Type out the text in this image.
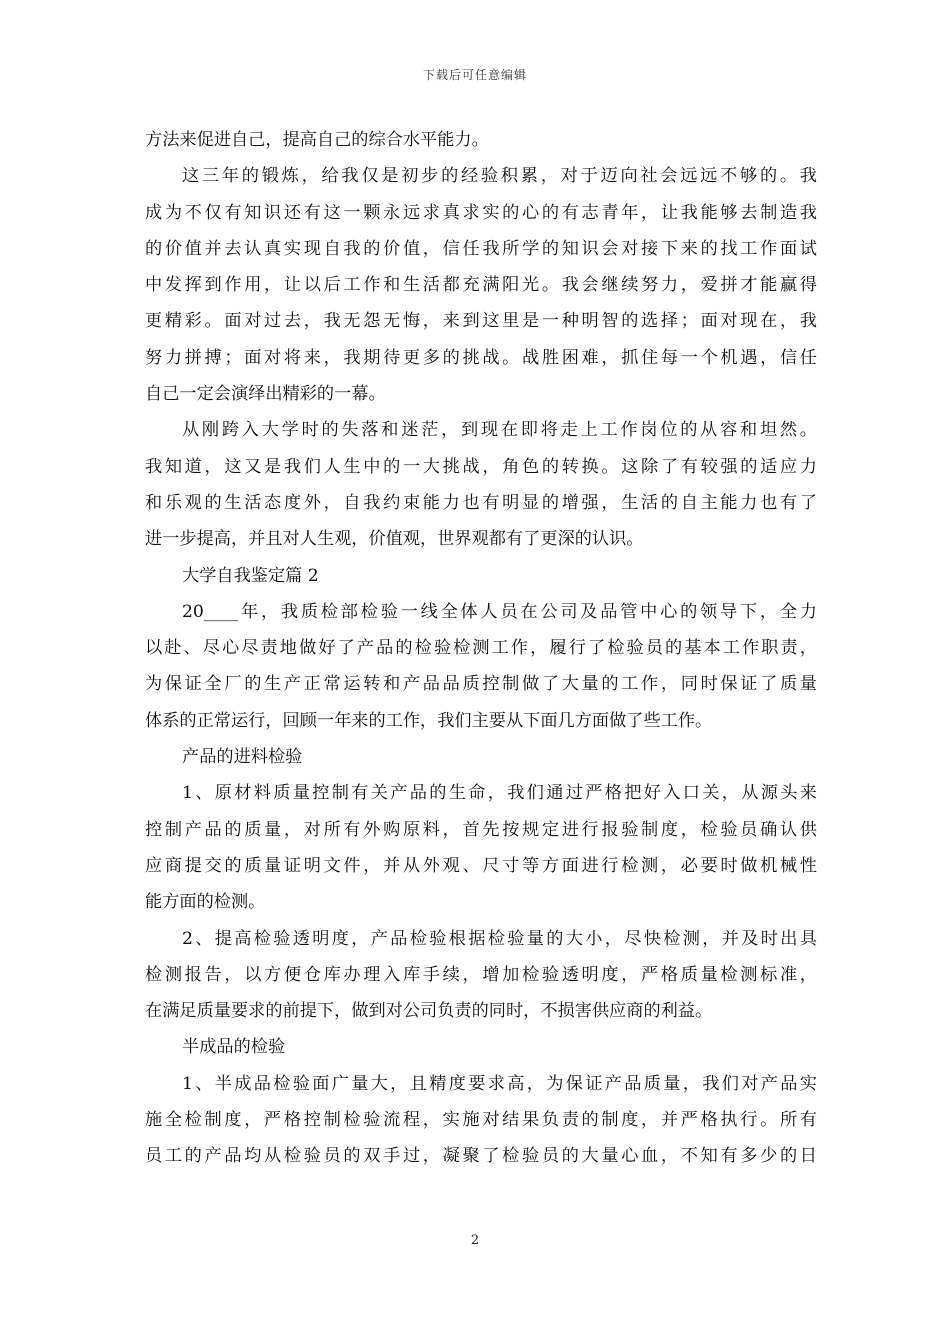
下载后可任意编辑
方法来促进自己，提高自己的综合水平能力。
这三年的锻炼，给我仅是初步的经验积累，对于迈向社会远远不够的。我
成为不仅有知识还有这一颗永远求真求实的心的有志青年，让我能够去制造我
的价值并去认真实现自我的价值，信任我所学的知识会对接下来的找工作面试
中发挥到作用，让以后工作和生活都充满阳光。我会继续努力，爱拼才能赢得
更精彩。面对过去，我无怨无悔，来到这里是一种明智的选择；面对现在，我
努力拼搏；面对将来，我期待更多的挑战。战胜困难，抓住每一个机遇，信任
自己一定会演绎出精彩的一幕。
从刚跨入大学时的失落和迷茫，到现在即将走上工作岗位的从容和坦然。
我知道，这又是我们人生中的一大挑战，角色的转换。这除了有较强的适应力
和乐观的生活态度外，自我约束能力也有明显的增强，生活的自主能力也有了
进一步提高，并且对人生观，价值观，世界观都有了更深的认识。
大学自我鉴定篇 2
20____年，我质检部检验一线全体人员在公司及品管中心的领导下，全力
以赴、尽心尽责地做好了产品的检验检测工作，履行了检验员的基本工作职责，
为保证全厂的生产正常运转和产品品质控制做了大量的工作，同时保证了质量
体系的正常运行，回顾一年来的工作，我们主要从下面几方面做了些工作。
产品的进料检验
1、原材料质量控制有关产品的生命，我们通过严格把好入口关，从源头来
控制产品的质量，对所有外购原料，首先按规定进行报验制度，检验员确认供
应商提交的质量证明文件，并从外观、尺寸等方面进行检测，必要时做机械性
能方面的检测。
2、提高检验透明度，产品检验根据检验量的大小，尽快检测，并及时出具
检测报告，以方便仓库办理入库手续，增加检验透明度，严格质量检测标准，
在满足质量要求的前提下，做到对公司负责的同时，不损害供应商的利益。
半成品的检验
1、半成品检验面广量大，且精度要求高，为保证产品质量，我们对产品实
施全检制度，严格控制检验流程，实施对结果负责的制度，并严格执行。所有
员工的产品均从检验员的双手过，凝聚了检验员的大量心血，不知有多少的日
2
